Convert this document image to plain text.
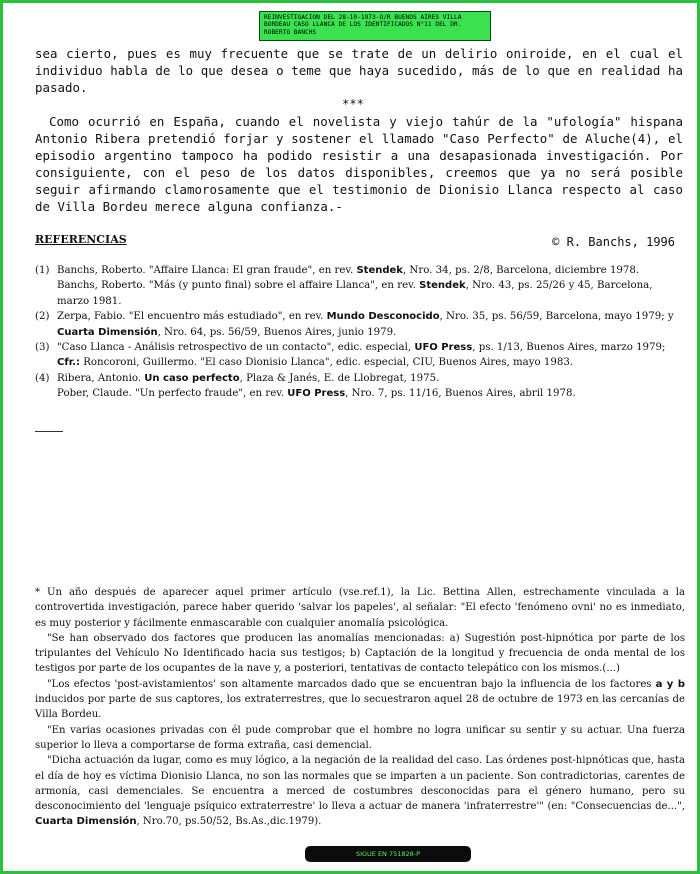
REINVESTIGACION DEL 28-10-1973-O/R BUENOS AIRES VILLA
BORDEAU CASO LLANCA DE LOS IDENTIFICADOS N°11 DEL DR.
ROBERTO BANCHS
sea cierto, pues es muy frecuente que se trate de un delirio oniroide, en el cual el individuo habla de lo que desea o teme que haya sucedido, más de lo que en realidad ha pasado.
***
Como ocurrió en España, cuando el novelista y viejo tahúr de la "ufología" hispana Antonio Ribera pretendió forjar y sostener el llamado "Caso Perfecto" de Aluche(4), el episodio argentino tampoco ha podido resistir a una desapasionada investigación. Por consiguiente, con el peso de los datos disponibles, creemos que ya no será posible seguir afirmando clamorosamente que el testimonio de Dionisio Llanca respecto al caso de Villa Bordeu merece alguna confianza.-
© R. Banchs, 1996
REFERENCIAS
(1) Banchs, Roberto. "Affaire Llanca: El gran fraude", en rev. Stendek, Nro. 34, ps. 2/8, Barcelona, diciembre 1978.
Banchs, Roberto. "Más (y punto final) sobre el affaire Llanca", en rev. Stendek, Nro. 43, ps. 25/26 y 45, Barcelona, marzo 1981.
(2) Zerpa, Fabio. "El encuentro más estudiado", en rev. Mundo Desconocido, Nro. 35, ps. 56/59, Barcelona, mayo 1979; y Cuarta Dimensión, Nro. 64, ps. 56/59, Buenos Aires, junio 1979.
(3) "Caso Llanca - Análisis retrospectivo de un contacto", edic. especial, UFO Press, ps. 1/13, Buenos Aires, marzo 1979; Cfr.: Roncoroni, Guillermo. "El caso Dionisio Llanca", edic. especial, CIU, Buenos Aires, mayo 1983.
(4) Ribera, Antonio. Un caso perfecto, Plaza & Janés, E. de Llobregat, 1975.
Pober, Claude. "Un perfecto fraude", en rev. UFO Press, Nro. 7, ps. 11/16, Buenos Aires, abril 1978.

* Un año después de aparecer aquel primer artículo (vse.ref.1), la Lic. Bettina Allen, estrechamente vinculada a la controvertida investigación, parece haber querido 'salvar los papeles', al señalar: "El efecto 'fenómeno ovni' no es inmediato, es muy posterior y fácilmente enmascarable con cualquier anomalía psicológica.

"Se han observado dos factores que producen las anomalías mencionadas: a) Sugestión post-hipnótica por parte de los tripulantes del Vehículo No Identificado hacia sus testigos; b) Captación de la longitud y frecuencia de onda mental de los testigos por parte de los ocupantes de la nave y, a posteriori, tentativas de contacto telepático con los mismos.(...)

"Los efectos 'post-avistamientos' son altamente marcados dado que se encuentran bajo la influencia de los factores a y b inducidos por parte de sus captores, los extraterrestres, que lo secuestraron aquel 28 de octubre de 1973 en las cercanías de Villa Bordeu.

"En varias ocasiones privadas con él pude comprobar que el hombre no logra unificar su sentir y su actuar. Una fuerza superior lo lleva a comportarse de forma extraña, casi demencial.

"Dicha actuación da lugar, como es muy lógico, a la negación de la realidad del caso. Las órdenes post-hipnóticas que, hasta el día de hoy es víctima Dionisio Llanca, no son las normales que se imparten a un paciente. Son contradictorias, carentes de armonía, casi demenciales. Se encuentra a merced de costumbres desconocidas para el género humano, pero su desconocimiento del 'lenguaje psíquico extraterrestre' lo lleva a actuar de manera 'infraterrestre'" (en: "Consecuencias de...", Cuarta Dimensión, Nro.70, ps.50/52, Bs.As.,dic.1979).

SIGUE EN 751828-P
